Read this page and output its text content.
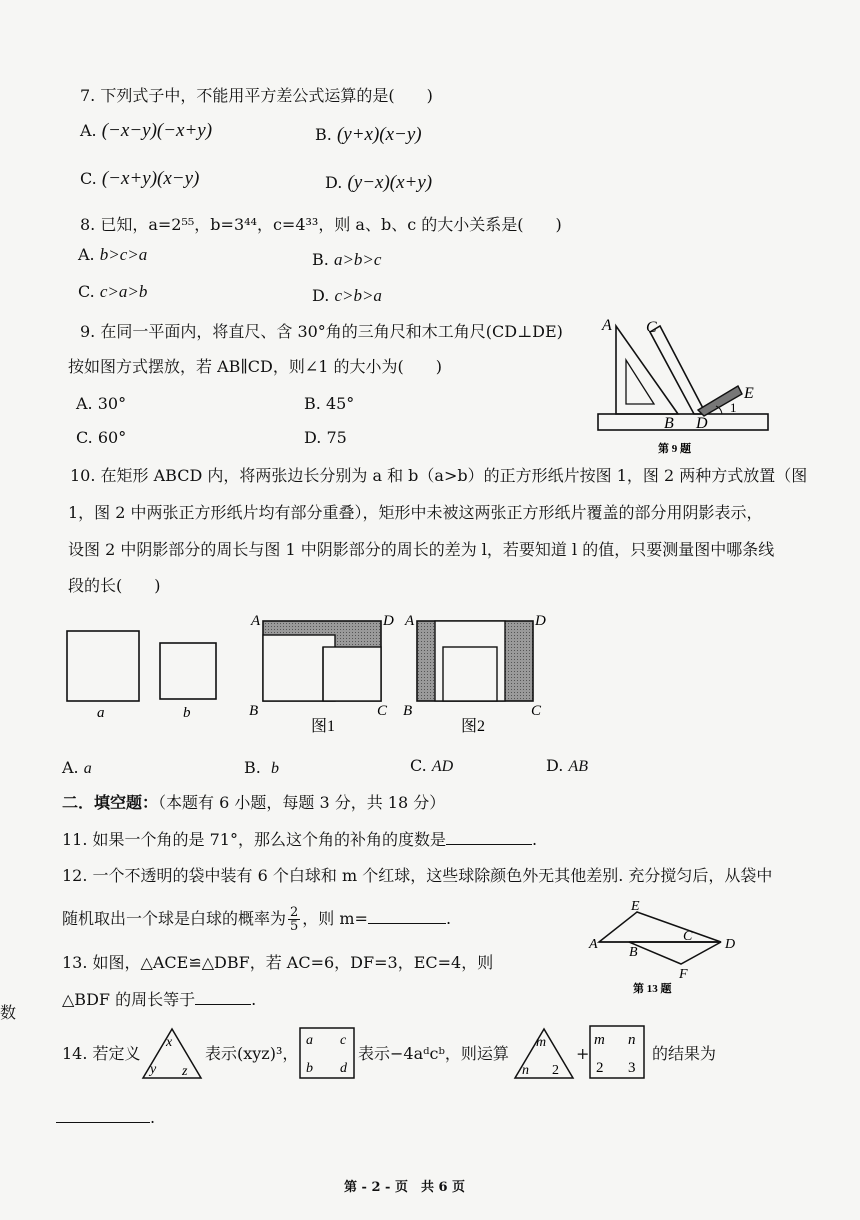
7. 下列式子中，不能用平方差公式运算的是(　　)
A. (−x−y)(−x+y)	B. (y+x)(x−y)
C. (−x+y)(x−y)	D. (y−x)(x+y)
8. 已知，a=2⁵⁵，b=3⁴⁴，c=4³³，则 a、b、c 的大小关系是(　　)
A. b>c>a	B. a>b>c
C. c>a>b	D. c>b>a
9. 在同一平面内，将直尺、含 30°角的三角尺和木工角尺(CD⊥DE)
按如图方式摆放，若 AB∥CD，则∠1 的大小为(　　)
A. 30°	B. 45°
C. 60°	D. 75
A C
E
1
B D
第 9 题
10. 在矩形 ABCD 内，将两张边长分别为 a 和 b（a>b）的正方形纸片按图 1，图 2 两种方式放置（图
1，图 2 中两张正方形纸片均有部分重叠），矩形中未被这两张正方形纸片覆盖的部分用阴影表示，
设图 2 中阴影部分的周长与图 1 中阴影部分的周长的差为 l，若要知道 l 的值，只要测量图中哪条线
段的长(　　)
a	b
A	D
B	C
图1
A	D
B	C
图2
A. a	B. b	C. AD	D. AB
二．填空题：（本题有 6 小题，每题 3 分，共 18 分）
11. 如果一个角的是 71°，那么这个角的补角的度数是	.
12. 一个不透明的袋中装有 6 个白球和 m 个红球，这些球除颜色外无其他差别. 充分搅匀后，从袋中
随机取出一个球是白球的概率为 $\frac{2}{5}$ ，则 m=	.
13. 如图，△ACE≌△DBF，若 AC=6，DF=3，EC=4，则
△BDF 的周长等于	.
E
A
B
C
D
F
第 13 题
数
14. 若定义
x
y z
表示(xyz)³，
a c
b d
表示−4aᵈcᵇ，则运算
m
n 2
+
m n
2 3
的结果为
.
第 - 2 - 页　共 6 页
